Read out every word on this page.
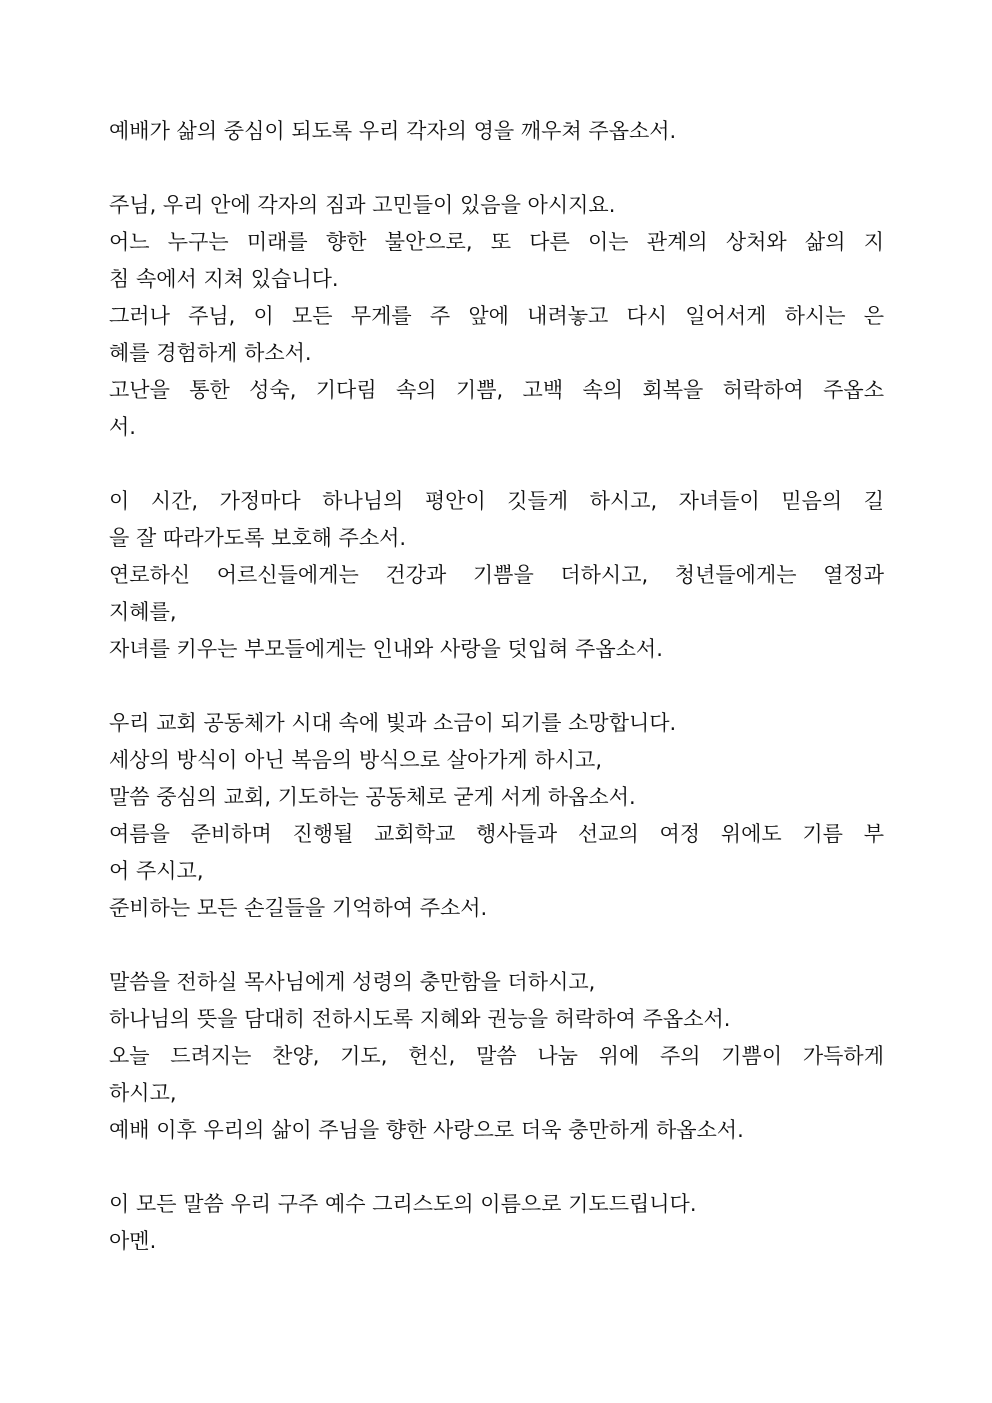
예배가 삶의 중심이 되도록 우리 각자의 영을 깨우쳐 주옵소서.
주님, 우리 안에 각자의 짐과 고민들이 있음을 아시지요.
어느 누구는 미래를 향한 불안으로, 또 다른 이는 관계의 상처와 삶의 지
침 속에서 지쳐 있습니다.
그러나 주님, 이 모든 무게를 주 앞에 내려놓고 다시 일어서게 하시는 은
혜를 경험하게 하소서.
고난을 통한 성숙, 기다림 속의 기쁨, 고백 속의 회복을 허락하여 주옵소
서.
이 시간, 가정마다 하나님의 평안이 깃들게 하시고, 자녀들이 믿음의 길
을 잘 따라가도록 보호해 주소서.
연로하신 어르신들에게는 건강과 기쁨을 더하시고, 청년들에게는 열정과
지혜를,
자녀를 키우는 부모들에게는 인내와 사랑을 덧입혀 주옵소서.
우리 교회 공동체가 시대 속에 빛과 소금이 되기를 소망합니다.
세상의 방식이 아닌 복음의 방식으로 살아가게 하시고,
말씀 중심의 교회, 기도하는 공동체로 굳게 서게 하옵소서.
여름을 준비하며 진행될 교회학교 행사들과 선교의 여정 위에도 기름 부
어 주시고,
준비하는 모든 손길들을 기억하여 주소서.
말씀을 전하실 목사님에게 성령의 충만함을 더하시고,
하나님의 뜻을 담대히 전하시도록 지혜와 권능을 허락하여 주옵소서.
오늘 드려지는 찬양, 기도, 헌신, 말씀 나눔 위에 주의 기쁨이 가득하게
하시고,
예배 이후 우리의 삶이 주님을 향한 사랑으로 더욱 충만하게 하옵소서.
이 모든 말씀 우리 구주 예수 그리스도의 이름으로 기도드립니다.
아멘.
